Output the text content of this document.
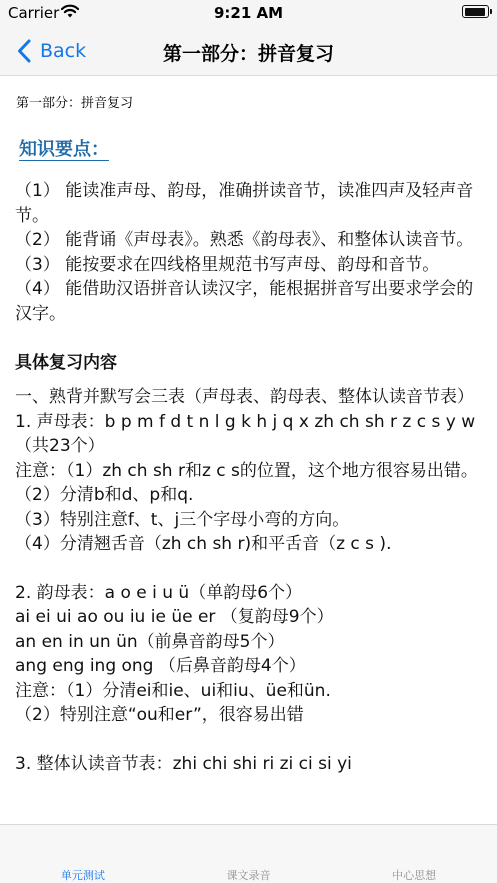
Carrier	9:21 AM
Back	第一部分：拼音复习
第一部分：拼音复习
知识要点：
（1） 能读准声母、韵母，准确拼读音节，读准四声及轻声音节。
（2） 能背诵《声母表》。熟悉《韵母表》、和整体认读音节。
（3） 能按要求在四线格里规范书写声母、韵母和音节。
（4） 能借助汉语拼音认读汉字，能根据拼音写出要求学会的汉字。
具体复习内容
一、熟背并默写会三表（声母表、韵母表、整体认读音节表）
1. 声母表：b p m f d t n l g k h j q x zh ch sh r z c s y w （共23个）
注意：（1）zh ch sh r和z c s的位置，这个地方很容易出错。
（2）分清b和d、p和q.
（3）特别注意f、t、j三个字母小弯的方向。
（4）分清翘舌音（zh ch sh r)和平舌音（z c s ).
2. 韵母表：a o e i u ü（单韵母6个）
ai ei ui ao ou iu ie üe er （复韵母9个）
an en in un ün（前鼻音韵母5个）
ang eng ing ong （后鼻音韵母4个）
注意：（1）分清ei和ie、ui和iu、üe和ün.
（2）特别注意“ou和er”，很容易出错
3. 整体认读音节表：zhi chi shi ri zi ci si yi
单元测试	课文录音	中心思想
